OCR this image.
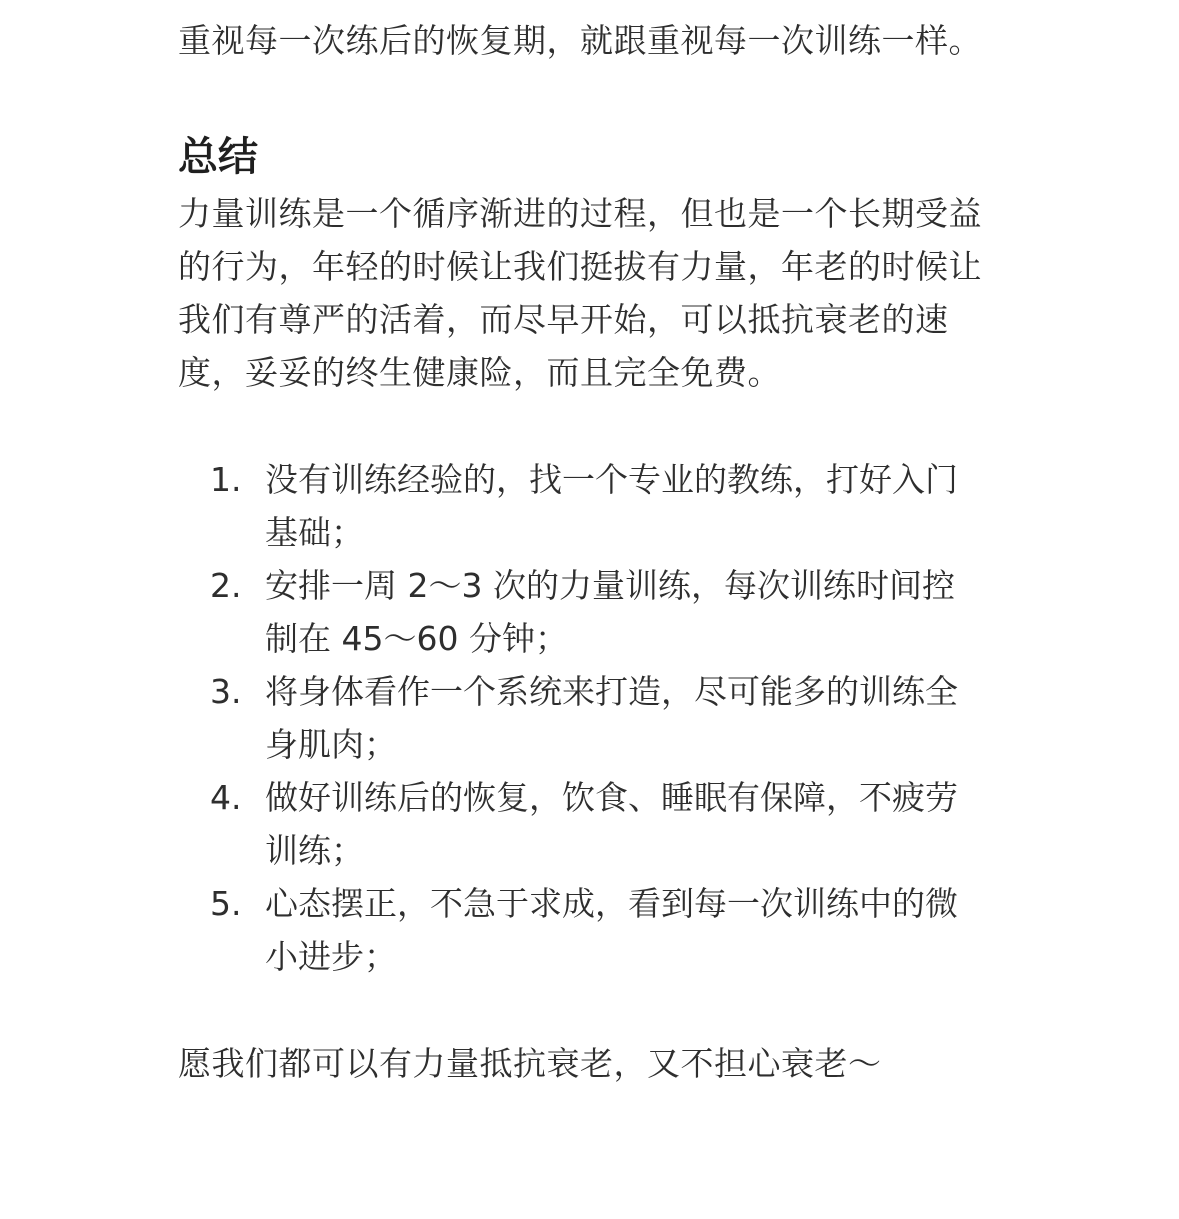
重视每一次练后的恢复期，就跟重视每一次训练一样。

总结

力量训练是一个循序渐进的过程，但也是一个长期受益的行为，年轻的时候让我们挺拔有力量，年老的时候让我们有尊严的活着，而尽早开始，可以抵抗衰老的速度，妥妥的终生健康险，而且完全免费。

1. 没有训练经验的，找一个专业的教练，打好入门基础；
2. 安排一周 2～3 次的力量训练，每次训练时间控制在 45～60 分钟；
3. 将身体看作一个系统来打造，尽可能多的训练全身肌肉；
4. 做好训练后的恢复，饮食、睡眠有保障，不疲劳训练；
5. 心态摆正，不急于求成，看到每一次训练中的微小进步；

愿我们都可以有力量抵抗衰老，又不担心衰老～
